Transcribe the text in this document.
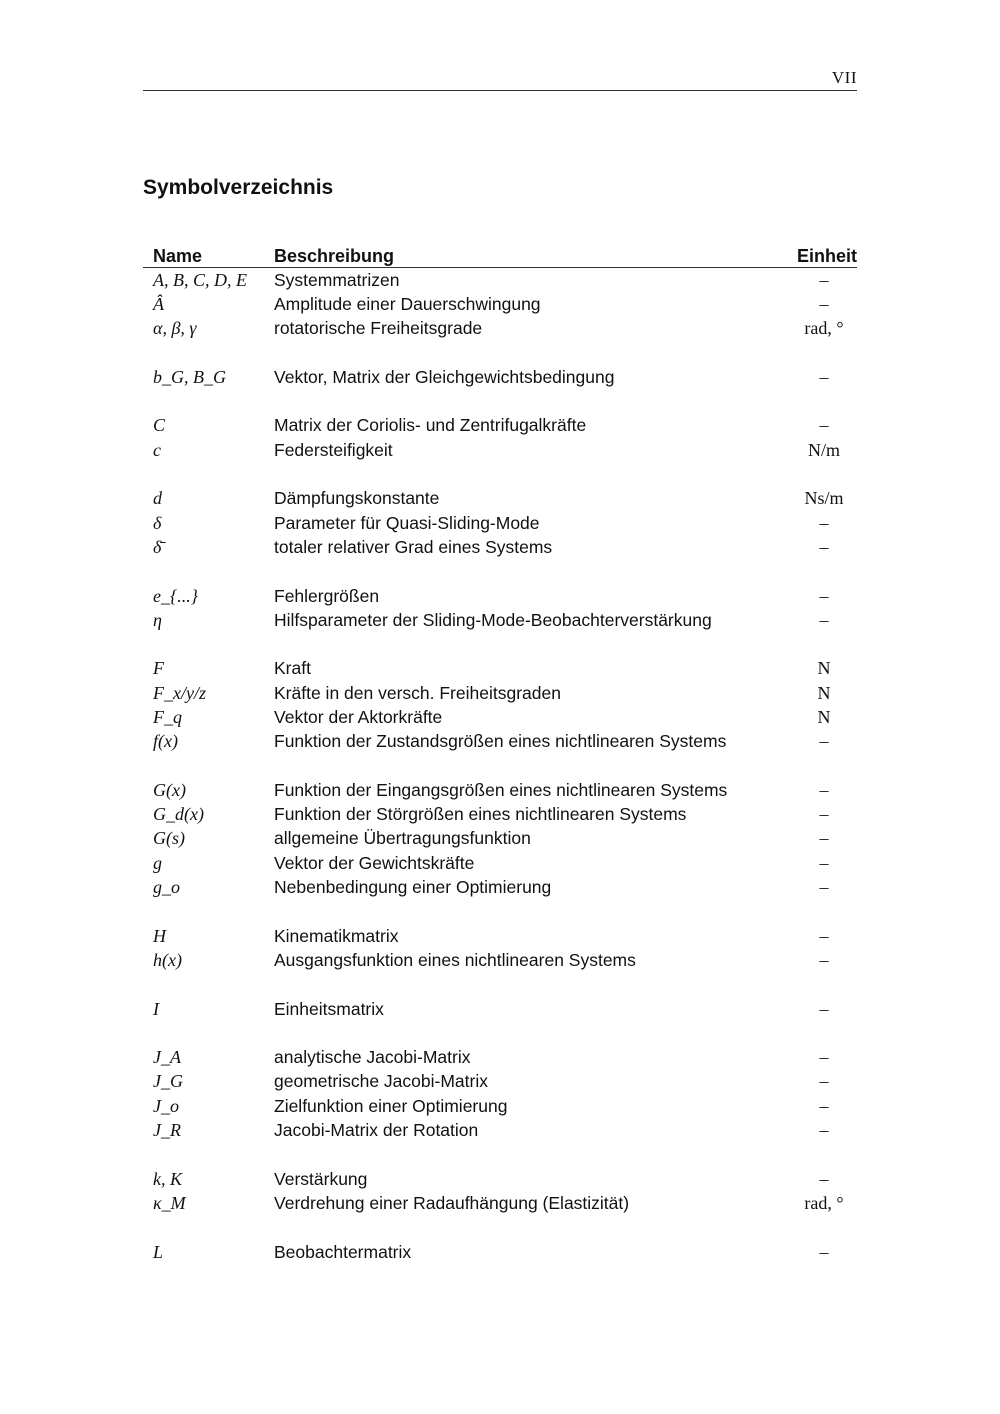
VII
Symbolverzeichnis
Name	Beschreibung	Einheit
A, B, C, D, E	Systemmatrizen	–
Â	Amplitude einer Dauerschwingung	–
α, β, γ	rotatorische Freiheitsgrade	rad, °
b_G, B_G	Vektor, Matrix der Gleichgewichtsbedingung	–
C	Matrix der Coriolis- und Zentrifugalkräfte	–
c	Federsteifigkeit	N/m
d	Dämpfungskonstante	Ns/m
δ	Parameter für Quasi-Sliding-Mode	–
δ̄	totaler relativer Grad eines Systems	–
e_{...}	Fehlergrößen	–
η	Hilfsparameter der Sliding-Mode-Beobachterverstärkung	–
F	Kraft	N
F_x/y/z	Kräfte in den versch. Freiheitsgraden	N
F_q	Vektor der Aktorkräfte	N
f(x)	Funktion der Zustandsgrößen eines nichtlinearen Systems	–
G(x)	Funktion der Eingangsgrößen eines nichtlinearen Systems	–
G_d(x)	Funktion der Störgrößen eines nichtlinearen Systems	–
G(s)	allgemeine Übertragungsfunktion	–
g	Vektor der Gewichtskräfte	–
g_o	Nebenbedingung einer Optimierung	–
H	Kinematikmatrix	–
h(x)	Ausgangsfunktion eines nichtlinearen Systems	–
I	Einheitsmatrix	–
J_A	analytische Jacobi-Matrix	–
J_G	geometrische Jacobi-Matrix	–
J_o	Zielfunktion einer Optimierung	–
J_R	Jacobi-Matrix der Rotation	–
k, K	Verstärkung	–
κ_M	Verdrehung einer Radaufhängung (Elastizität)	rad, °
L	Beobachtermatrix	–
